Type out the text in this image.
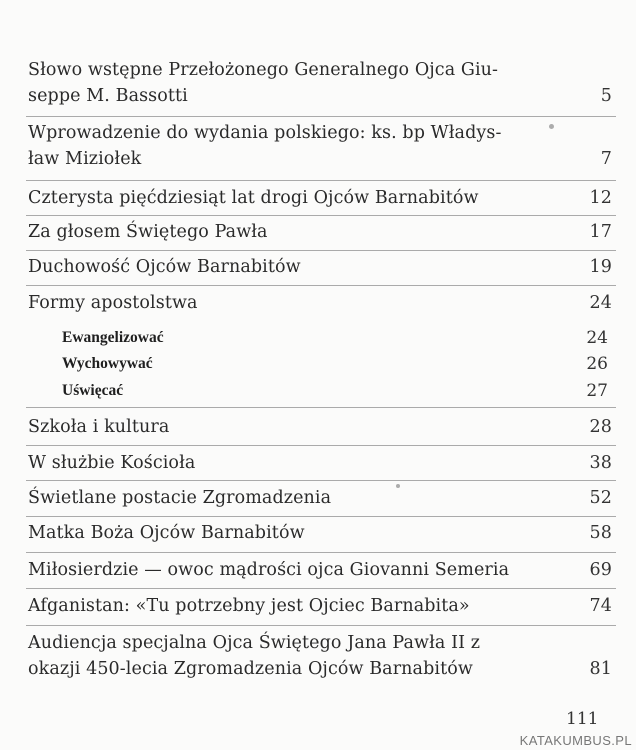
Słowo wstępne Przełożonego Generalnego Ojca Giu-
seppe M. Bassotti	5
Wprowadzenie do wydania polskiego: ks. bp Władys-
ław Miziołek	7
Czterysta pięćdziesiąt lat drogi Ojców Barnabitów	12
Za głosem Świętego Pawła	17
Duchowość Ojców Barnabitów	19
Formy apostolstwa	24
Ewangelizować	24
Wychowywać	26
Uświęcać	27
Szkoła i kultura	28
W służbie Kościoła	38
Świetlane postacie Zgromadzenia	52
Matka Boża Ojców Barnabitów	58
Miłosierdzie — owoc mądrości ojca Giovanni Semeria	69
Afganistan: «Tu potrzebny jest Ojciec Barnabita»	74
Audiencja specjalna Ojca Świętego Jana Pawła II z
okazji 450-lecia Zgromadzenia Ojców Barnabitów	81
111
KATAKUMBUS.PL
